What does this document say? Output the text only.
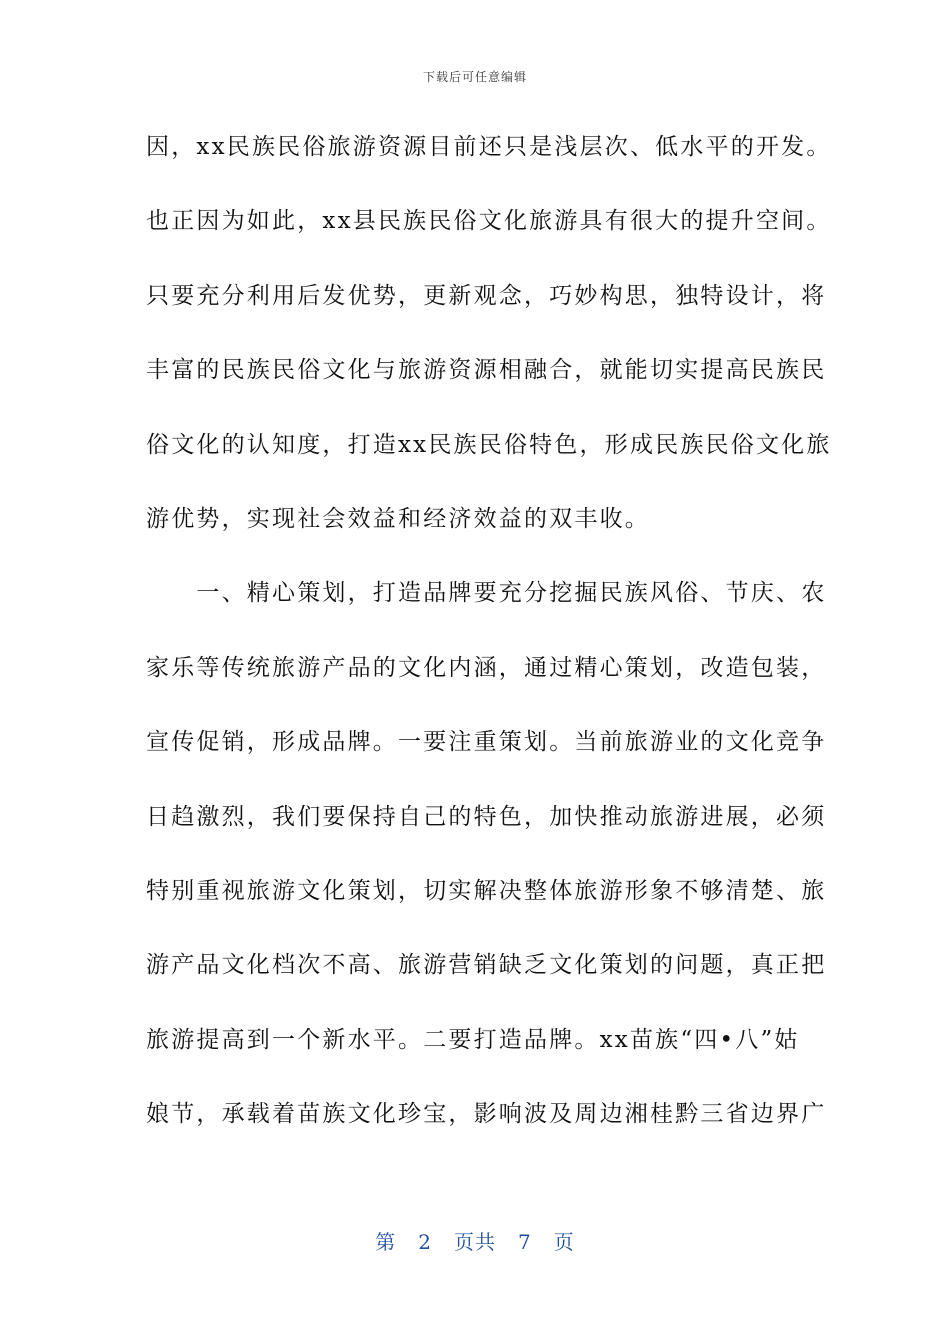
下载后可任意编辑
因，xx民族民俗旅游资源目前还只是浅层次、低水平的开发。
也正因为如此，xx县民族民俗文化旅游具有很大的提升空间。
只要充分利用后发优势，更新观念，巧妙构思，独特设计，将
丰富的民族民俗文化与旅游资源相融合，就能切实提高民族民
俗文化的认知度，打造xx民族民俗特色，形成民族民俗文化旅
游优势，实现社会效益和经济效益的双丰收。
　　一、精心策划，打造品牌要充分挖掘民族风俗、节庆、农
家乐等传统旅游产品的文化内涵，通过精心策划，改造包装，
宣传促销，形成品牌。一要注重策划。当前旅游业的文化竞争
日趋激烈，我们要保持自己的特色，加快推动旅游进展，必须
特别重视旅游文化策划，切实解决整体旅游形象不够清楚、旅
游产品文化档次不高、旅游营销缺乏文化策划的问题，真正把
旅游提高到一个新水平。二要打造品牌。xx苗族“四•八”姑
娘节，承载着苗族文化珍宝，影响波及周边湘桂黔三省边界广
第 2 页共 7 页
